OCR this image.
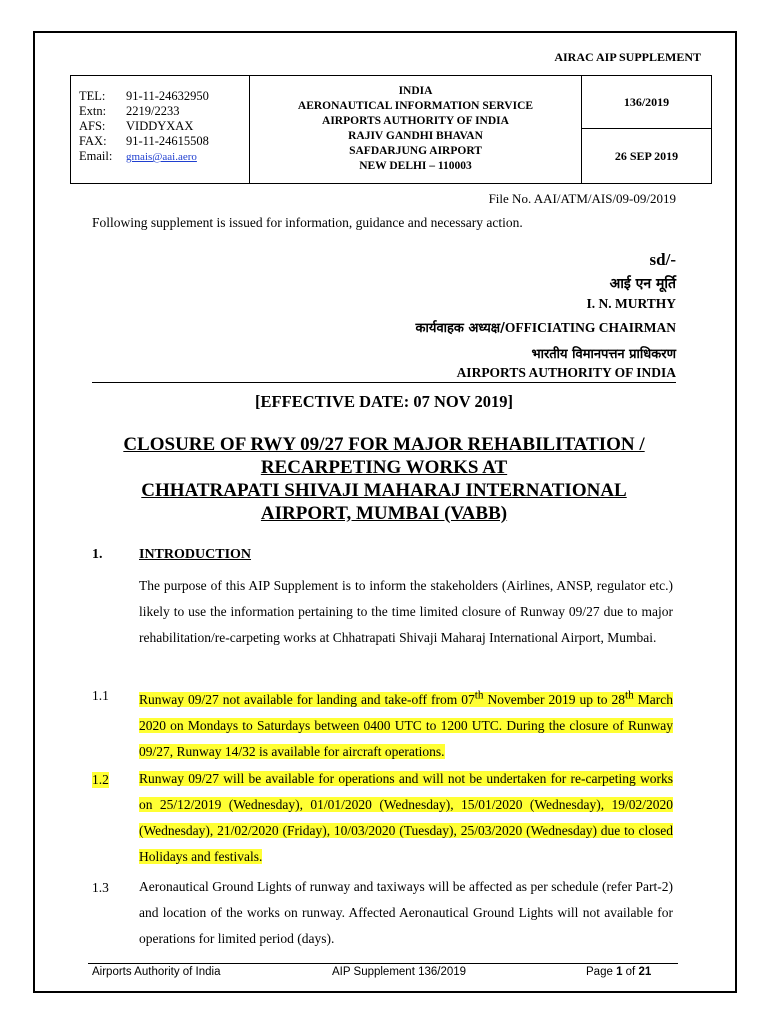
AIRAC AIP SUPPLEMENT
TEL: 91-11-24632950
Extn: 2219/2233
AFS: VIDDYXAX
FAX: 91-11-24615508
Email: gmais@aai.aero
INDIA
AERONAUTICAL INFORMATION SERVICE
AIRPORTS AUTHORITY OF INDIA
RAJIV GANDHI BHAVAN
SAFDARJUNG AIRPORT
NEW DELHI – 110003
136/2019
26 SEP 2019
File No. AAI/ATM/AIS/09-09/2019
Following supplement is issued for information, guidance and necessary action.
sd/-
आई एन मूर्ति
I. N. MURTHY
कार्यवाहक अध्यक्ष/OFFICIATING CHAIRMAN
भारतीय विमानपत्तन प्राधिकरण
AIRPORTS AUTHORITY OF INDIA
[EFFECTIVE DATE: 07 NOV 2019]
CLOSURE OF RWY 09/27 FOR MAJOR REHABILITATION /
RECARPETING WORKS AT
CHHATRAPATI SHIVAJI MAHARAJ INTERNATIONAL
AIRPORT, MUMBAI (VABB)
1.	INTRODUCTION
The purpose of this AIP Supplement is to inform the stakeholders (Airlines, ANSP, regulator etc.) likely to use the information pertaining to the time limited closure of Runway 09/27 due to major rehabilitation/re-carpeting works at Chhatrapati Shivaji Maharaj International Airport, Mumbai.
1.1 Runway 09/27 not available for landing and take-off from 07th November 2019 up to 28th March 2020 on Mondays to Saturdays between 0400 UTC to 1200 UTC. During the closure of Runway 09/27, Runway 14/32 is available for aircraft operations.
1.2 Runway 09/27 will be available for operations and will not be undertaken for re-carpeting works on 25/12/2019 (Wednesday), 01/01/2020 (Wednesday), 15/01/2020 (Wednesday), 19/02/2020 (Wednesday), 21/02/2020 (Friday), 10/03/2020 (Tuesday), 25/03/2020 (Wednesday) due to closed Holidays and festivals.
1.3 Aeronautical Ground Lights of runway and taxiways will be affected as per schedule (refer Part-2) and location of the works on runway. Affected Aeronautical Ground Lights will not available for operations for limited period (days).
Airports Authority of India	AIP Supplement 136/2019	Page 1 of 21
